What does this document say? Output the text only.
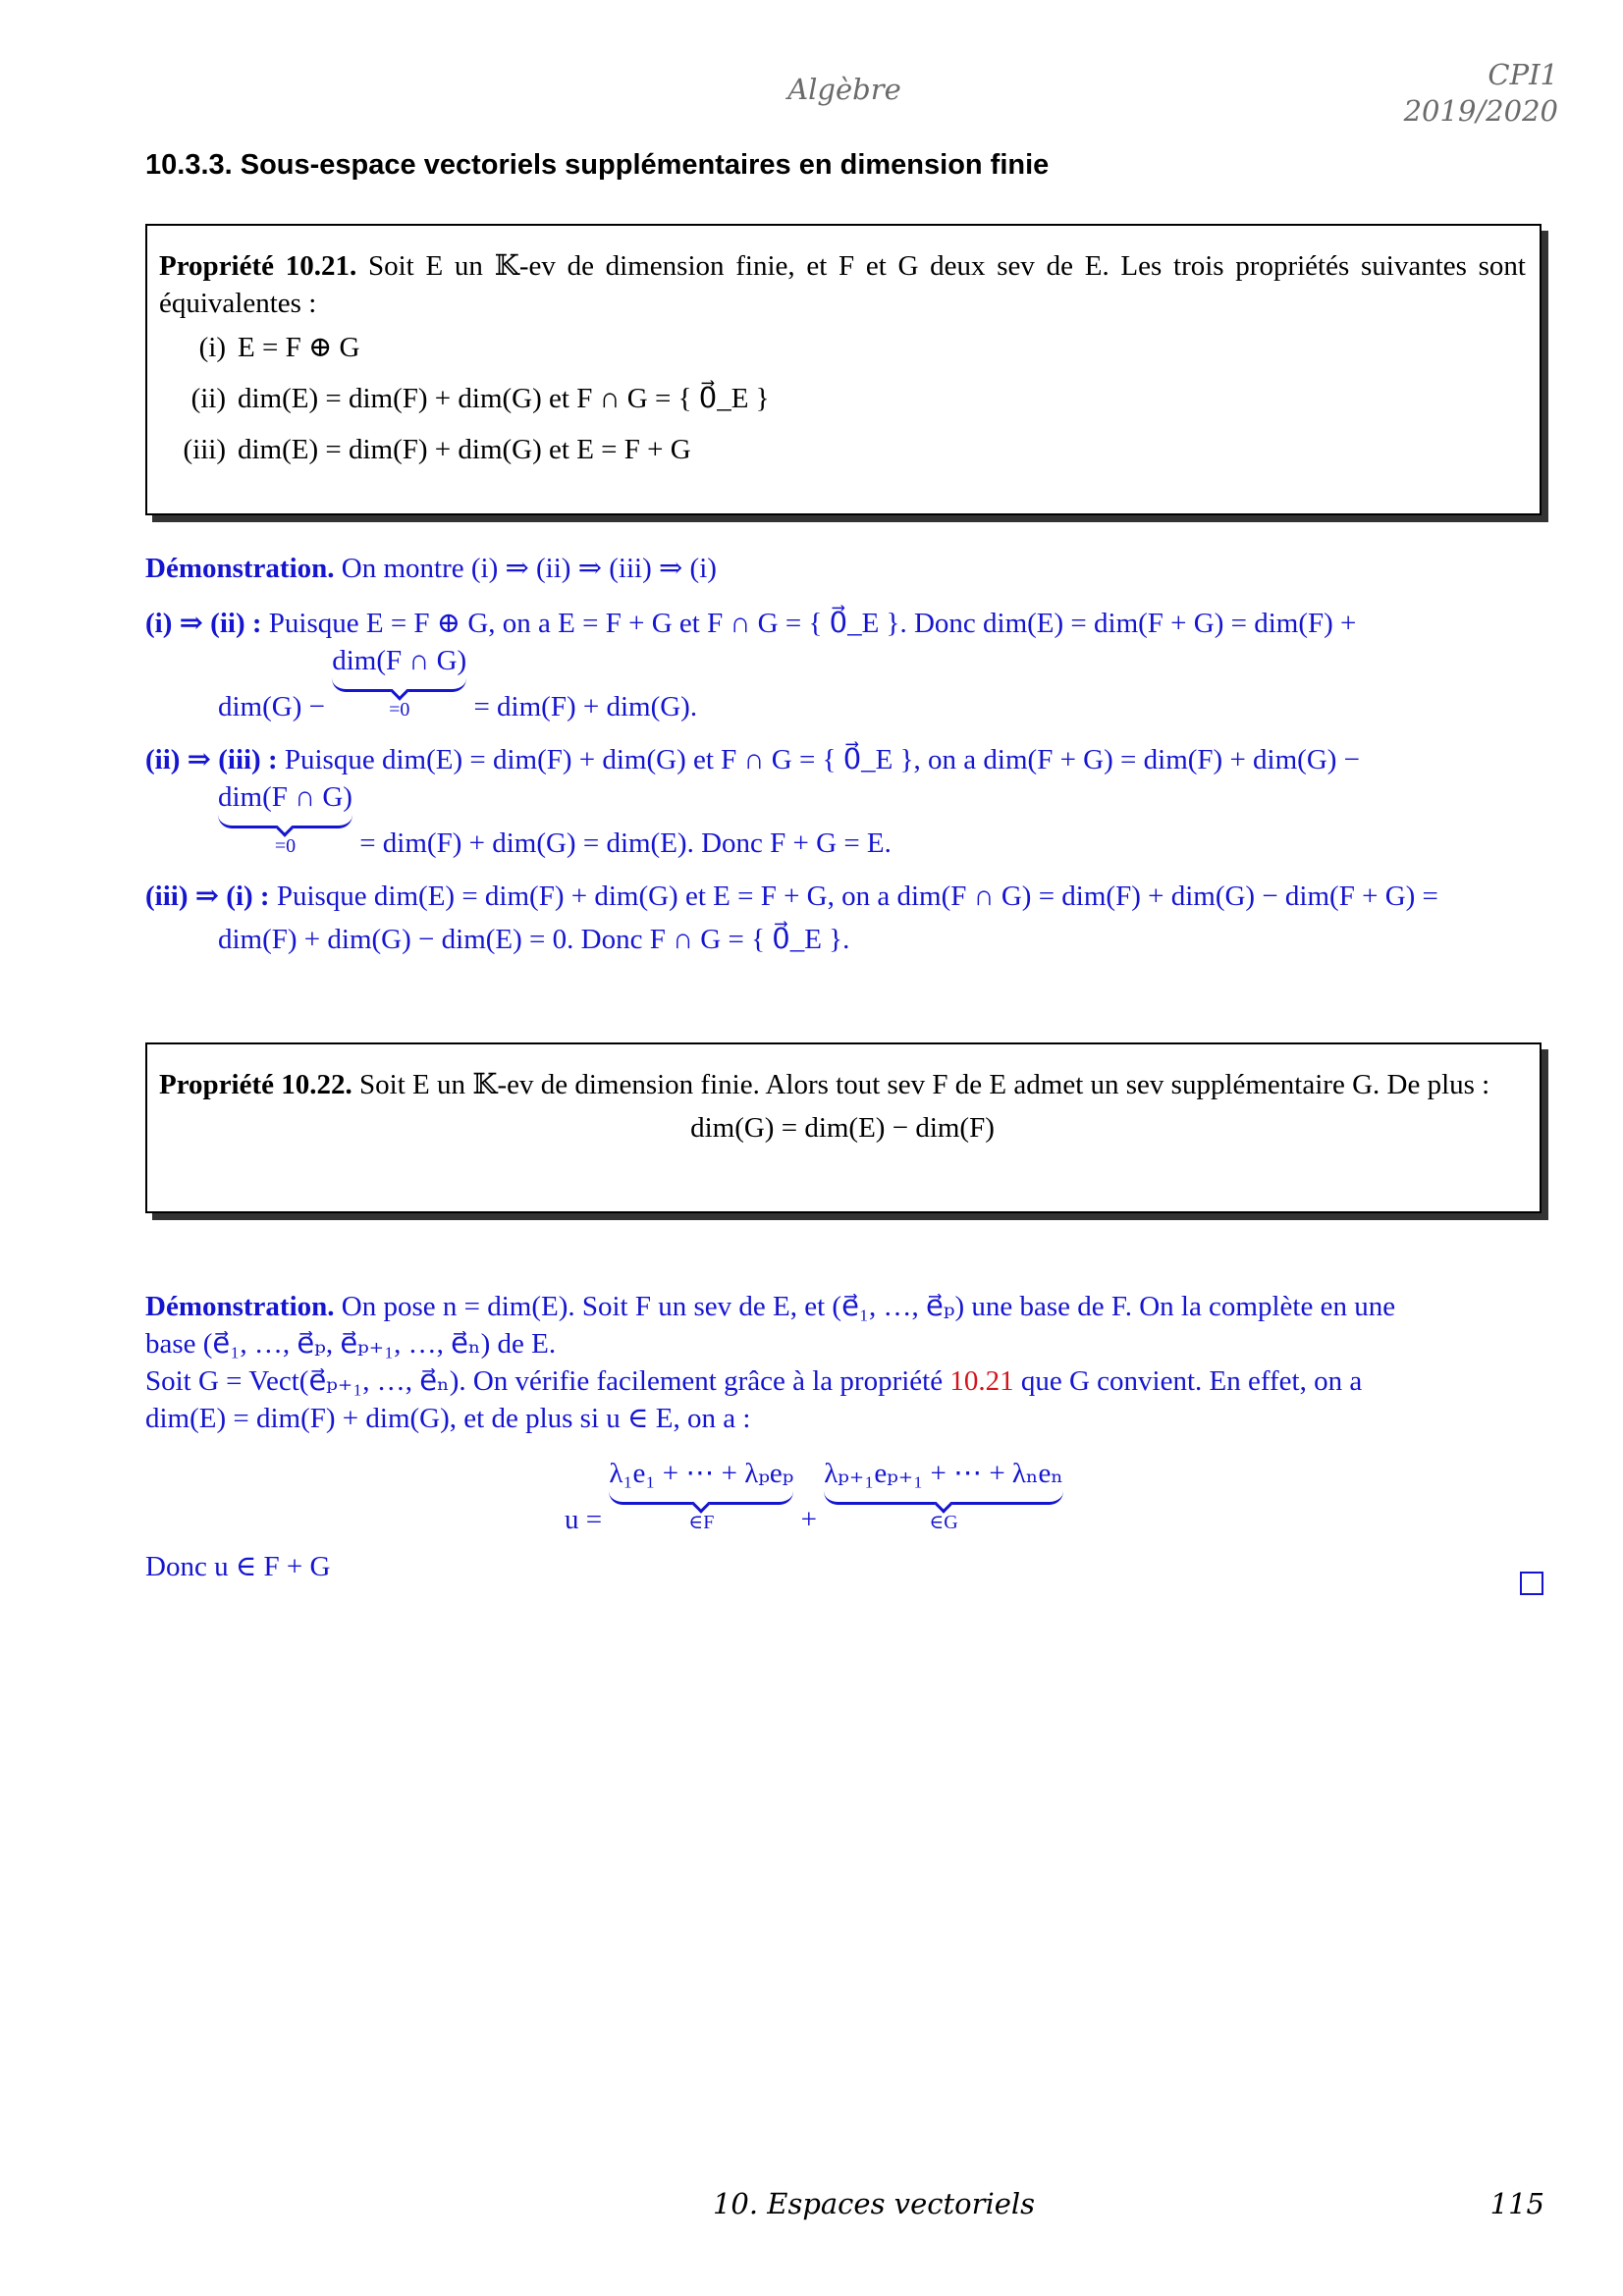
Algèbre	CPI1
2019/2020
10.3.3. Sous-espace vectoriels supplémentaires en dimension finie
Propriété 10.21. Soit E un 𝕂-ev de dimension finie, et F et G deux sev de E. Les trois propriétés suivantes sont équivalentes :
(i) E = F ⊕ G
(ii) dim(E) = dim(F) + dim(G) et F ∩ G = { 0⃗_E }
(iii) dim(E) = dim(F) + dim(G) et E = F + G
Démonstration. On montre (i) ⇒ (ii) ⇒ (iii) ⇒ (i)
(i) ⇒ (ii) : Puisque E = F ⊕ G, on a E = F + G et F ∩ G = { 0⃗_E }. Donc dim(E) = dim(F + G) = dim(F) +
dim(G) − dim(F ∩ G)
=0	= dim(F) + dim(G).
(ii) ⇒ (iii) : Puisque dim(E) = dim(F) + dim(G) et F ∩ G = { 0⃗_E }, on a dim(F + G) = dim(F) + dim(G) −
dim(F ∩ G)
=0	= dim(F) + dim(G) = dim(E). Donc F + G = E.
(iii) ⇒ (i) : Puisque dim(E) = dim(F) + dim(G) et E = F + G, on a dim(F ∩ G) = dim(F) + dim(G) − dim(F + G) =
dim(F) + dim(G) − dim(E) = 0. Donc F ∩ G = { 0⃗_E }.
Propriété 10.22. Soit E un 𝕂-ev de dimension finie. Alors tout sev F de E admet un sev supplémentaire G. De plus :
dim(G) = dim(E) − dim(F)
Démonstration. On pose n = dim(E). Soit F un sev de E, et (e⃗₁, …, e⃗ₚ) une base de F. On la complète en une
base (e⃗₁, …, e⃗ₚ, e⃗ₚ₊₁, …, e⃗ₙ) de E.
Soit G = Vect(e⃗ₚ₊₁, …, e⃗ₙ). On vérifie facilement grâce à la propriété 10.21 que G convient. En effet, on a
dim(E) = dim(F) + dim(G), et de plus si u ∈ E, on a :
u = λ₁e₁ + ⋯ + λₚeₚ
∈F	+ λₚ₊₁eₚ₊₁ + ⋯ + λₙeₙ
∈G
Donc u ∈ F + G
10. Espaces vectoriels	115
